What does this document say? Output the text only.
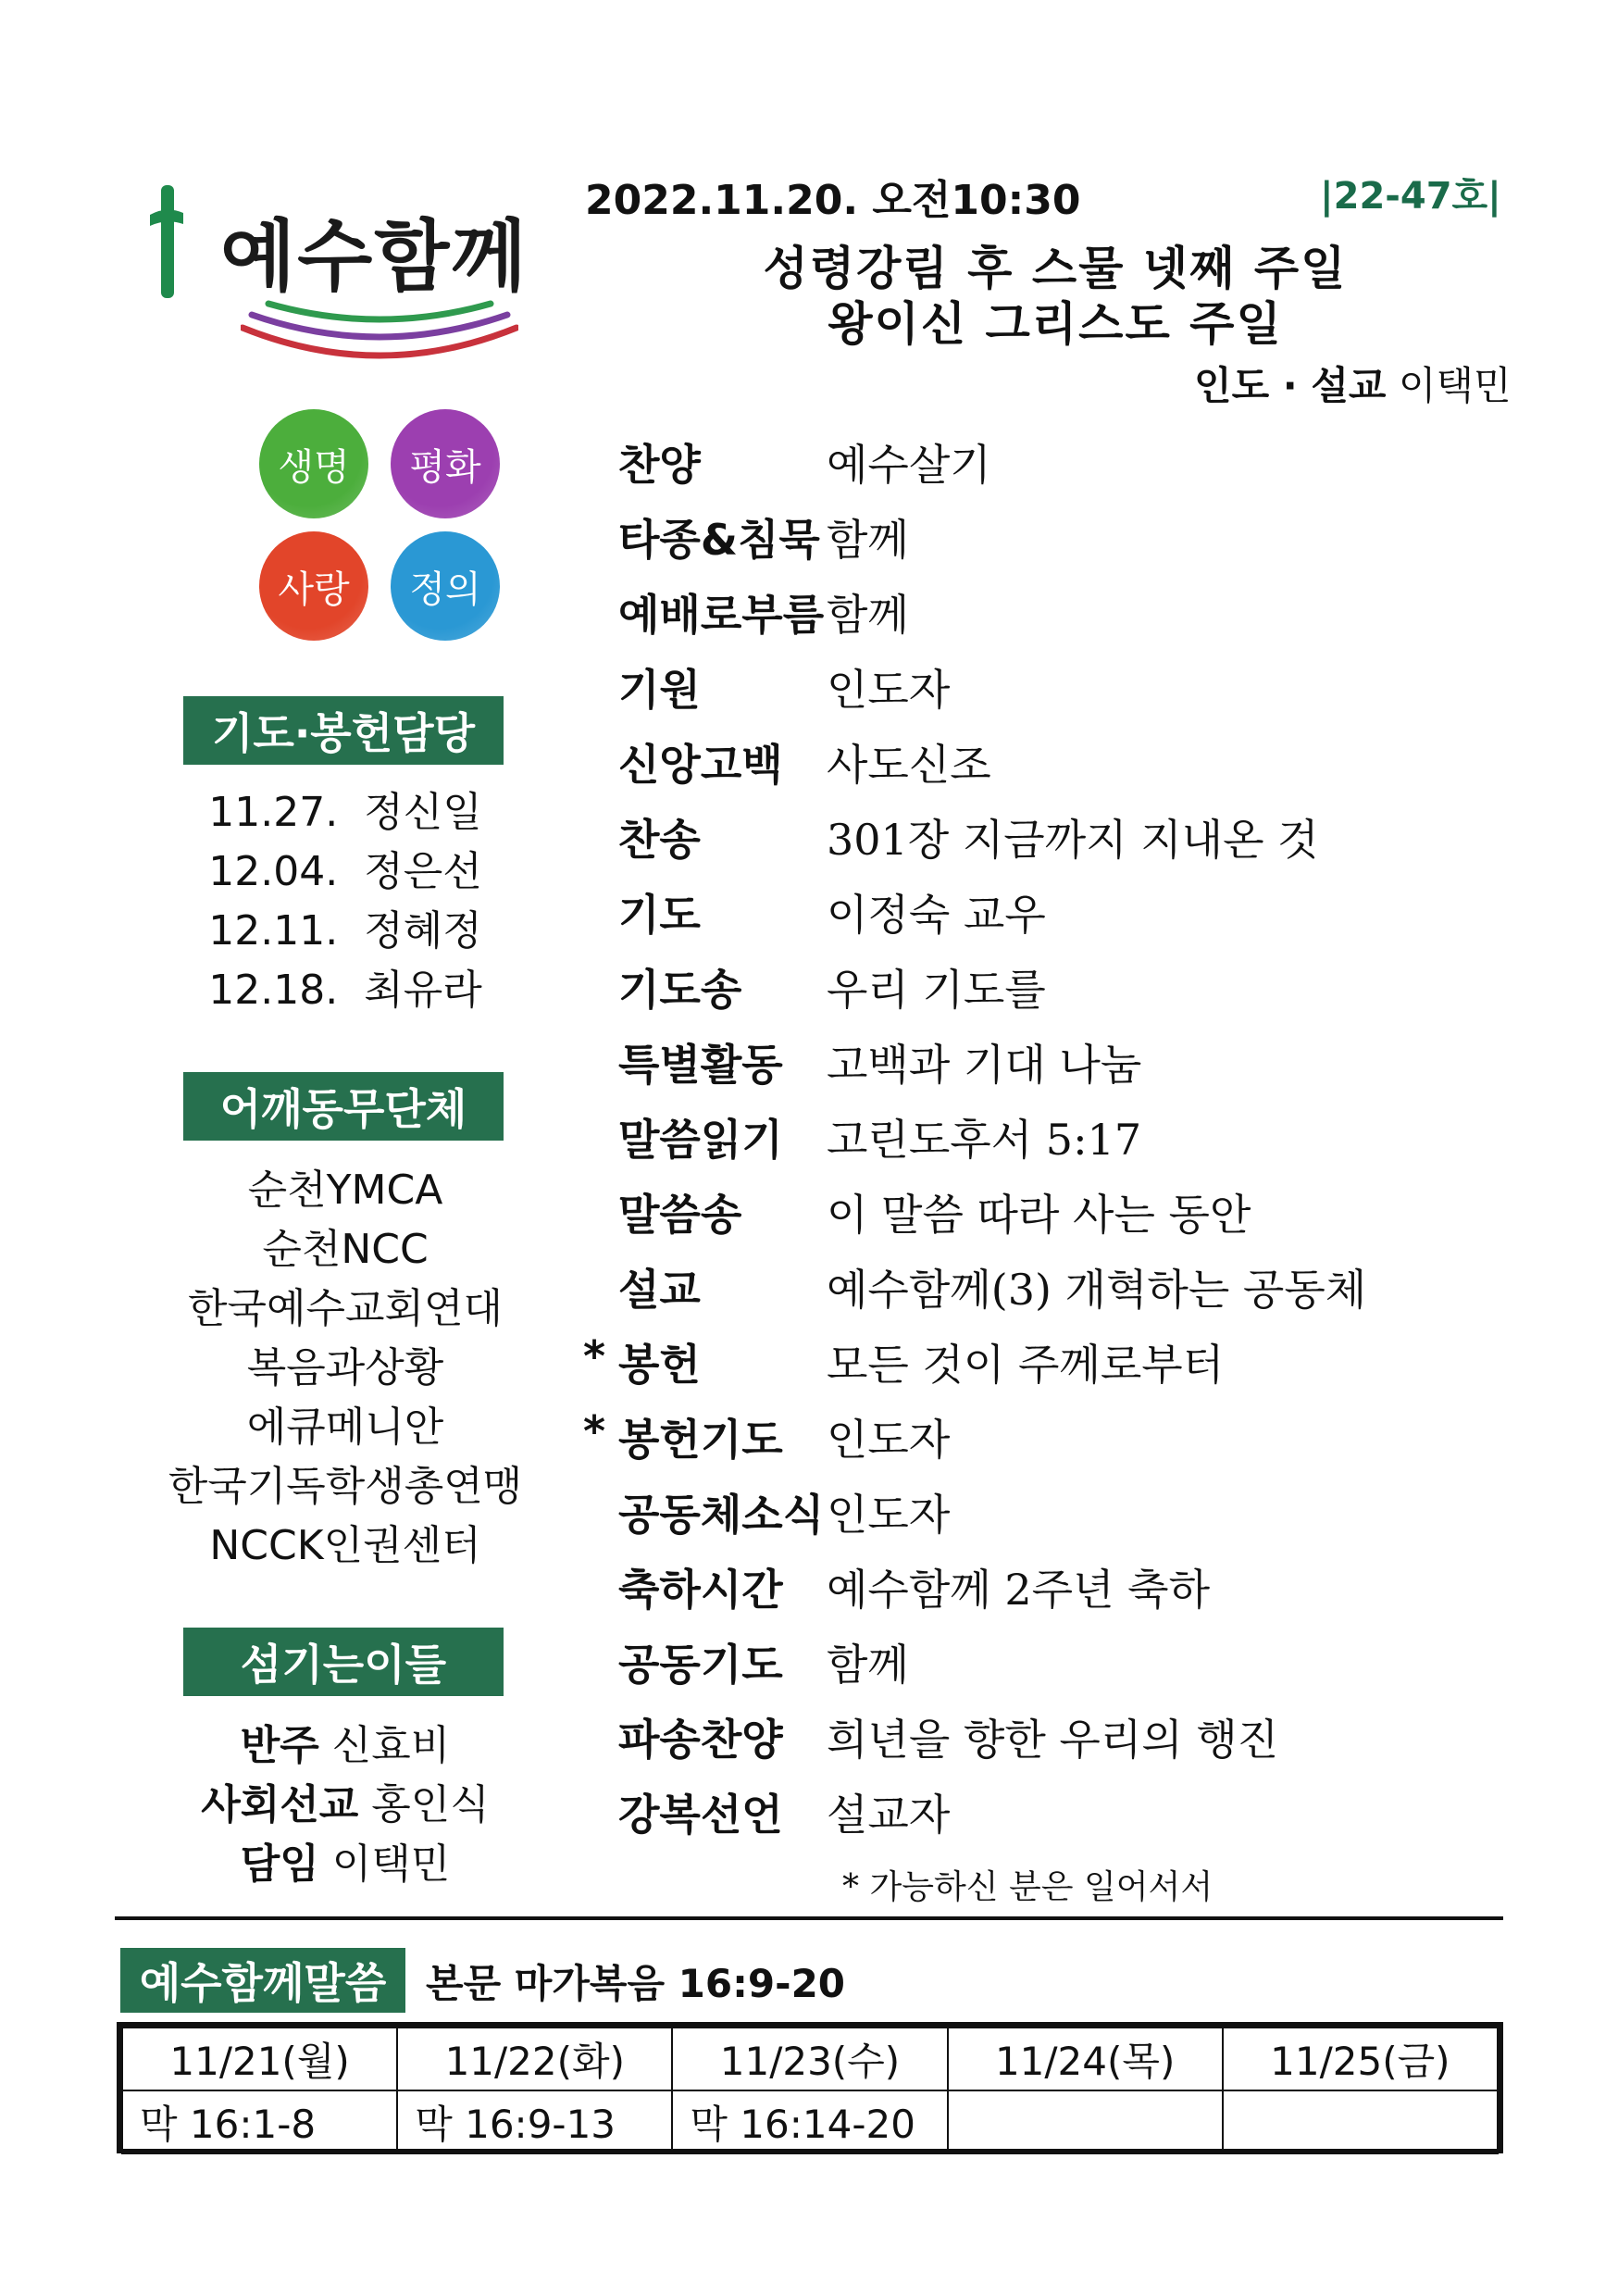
예수함께
생명 평화
사랑 정의
2022.11.20. 오전10:30	|22-47호|
성령강림 후 스물 넷째 주일
왕이신 그리스도 주일
인도 · 설교 이택민
기도·봉헌담당
11.27.  정신일
12.04.  정은선
12.11.  정혜정
12.18.  최유라
어깨동무단체
순천YMCA
순천NCC
한국예수교회연대
복음과상황
에큐메니안
한국기독학생총연맹
NCCK인권센터
섬기는이들
반주 신효비
사회선교 홍인식
담임 이택민
찬양	예수살기
타종&침묵 함께
예배로부름 함께
기원	인도자
신앙고백 사도신조
찬송	301장 지금까지 지내온 것
기도	이정숙 교우
기도송 우리 기도를
특별활동 고백과 기대 나눔
말씀읽기 고린도후서 5:17
말씀송 이 말씀 따라 사는 동안
설교	예수함께(3) 개혁하는 공동체
* 봉헌	모든 것이 주께로부터
* 봉헌기도 인도자
공동체소식 인도자
축하시간 예수함께 2주년 축하
공동기도 함께
파송찬양 희년을 향한 우리의 행진
강복선언 설교자
* 가능하신 분은 일어서서
예수함께말씀	본문 마가복음 16:9-20
11/21(월)	11/22(화)	11/23(수)	11/24(목)	11/25(금)
막 16:1-8	막 16:9-13	막 16:14-20		
